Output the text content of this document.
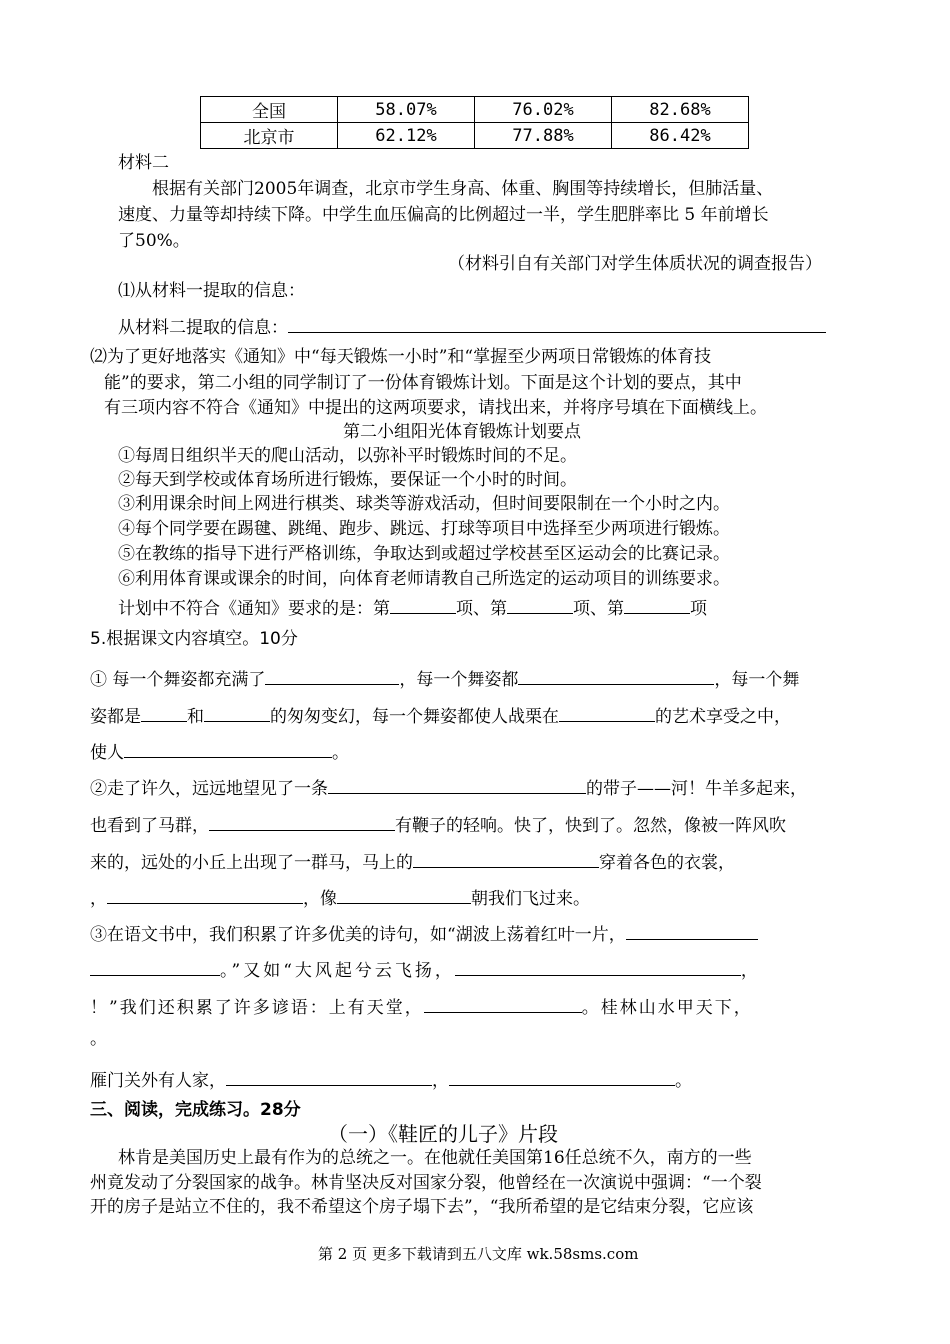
全国	58.07%	76.02%	82.68%
北京市	62.12%	77.88%	86.42%
材料二
根据有关部门2005年调查，北京市学生身高、体重、胸围等持续增长，但肺活量、
速度、力量等却持续下降。中学生血压偏高的比例超过一半，学生肥胖率比 5 年前增长
了50%。
（材料引自有关部门对学生体质状况的调查报告）
⑴从材料一提取的信息：
从材料二提取的信息：
⑵为了更好地落实《通知》中“每天锻炼一小时”和“掌握至少两项日常锻炼的体育技
能”的要求，第二小组的同学制订了一份体育锻炼计划。下面是这个计划的要点，其中
有三项内容不符合《通知》中提出的这两项要求，请找出来，并将序号填在下面横线上。
第二小组阳光体育锻炼计划要点
①每周日组织半天的爬山活动，以弥补平时锻炼时间的不足。
②每天到学校或体育场所进行锻炼，要保证一个小时的时间。
③利用课余时间上网进行棋类、球类等游戏活动，但时间要限制在一个小时之内。
④每个同学要在踢毽、跳绳、跑步、跳远、打球等项目中选择至少两项进行锻炼。
⑤在教练的指导下进行严格训练，争取达到或超过学校甚至区运动会的比赛记录。
⑥利用体育课或课余的时间，向体育老师请教自己所选定的运动项目的训练要求。
计划中不符合《通知》要求的是：第	项、第	项、第	项
5.根据课文内容填空。10分
① 每一个舞姿都充满了	，每一个舞姿都	，每一个舞
姿都是	和	的匆匆变幻，每一个舞姿都使人战栗在	的艺术享受之中，
使人	。
②走了许久，远远地望见了一条	的带子——河！牛羊多起来，
也看到了马群，	有鞭子的轻响。快了，快到了。忽然，像被一阵风吹
来的，远处的小丘上出现了一群马，马上的	穿着各色的衣裳，
，	，像	朝我们飞过来。
③在语文书中，我们积累了许多优美的诗句，如“湖波上荡着红叶一片，
。”又如“大风起兮云飞扬，	，
！”我们还积累了许多谚语：上有天堂，	。桂林山水甲天下，
。
雁门关外有人家，	，	。
三、阅读，完成练习。28分
（一）《鞋匠的儿子》片段
林肯是美国历史上最有作为的总统之一。在他就任美国第16任总统不久，南方的一些
州竟发动了分裂国家的战争。林肯坚决反对国家分裂，他曾经在一次演说中强调：“一个裂
开的房子是站立不住的，我不希望这个房子塌下去”，“我所希望的是它结束分裂，它应该
第 2 页 更多下载请到五八文库 wk.58sms.com
